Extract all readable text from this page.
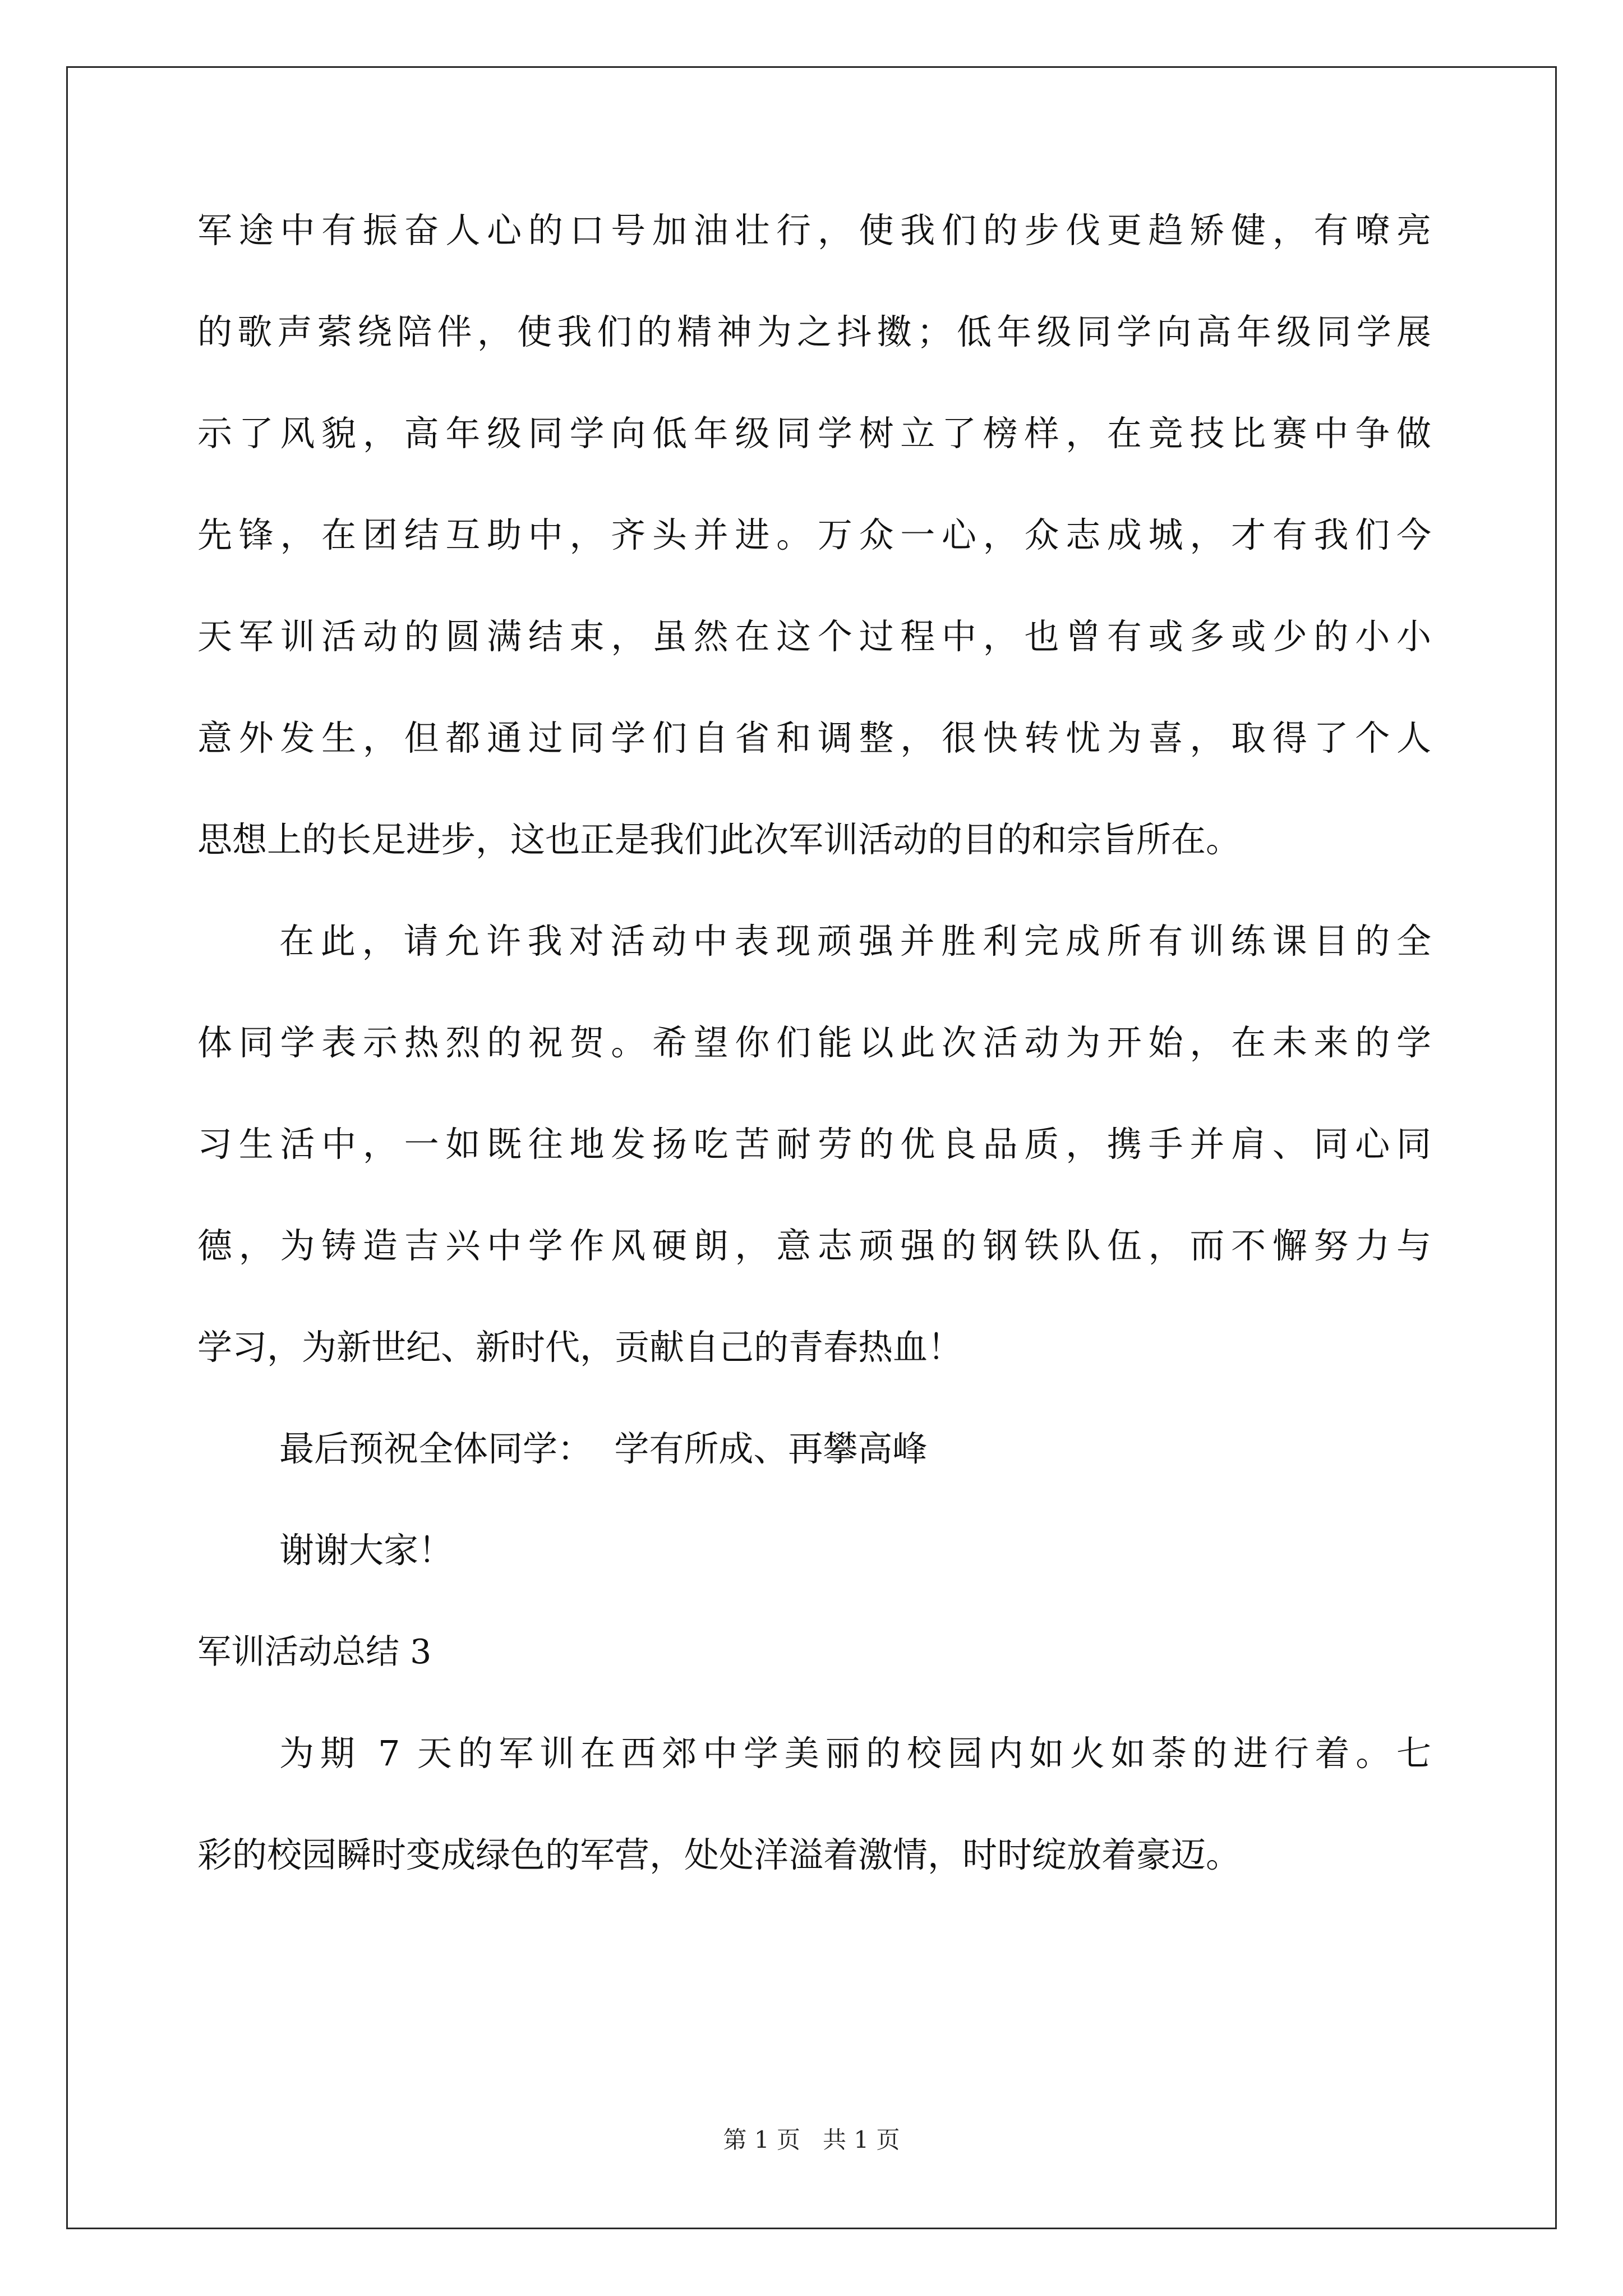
军途中有振奋人心的口号加油壮行，使我们的步伐更趋矫健，有嘹亮
的歌声萦绕陪伴，使我们的精神为之抖擞；低年级同学向高年级同学展
示了风貌，高年级同学向低年级同学树立了榜样，在竞技比赛中争做
先锋，在团结互助中，齐头并进。万众一心，众志成城，才有我们今
天军训活动的圆满结束，虽然在这个过程中，也曾有或多或少的小小
意外发生，但都通过同学们自省和调整，很快转忧为喜，取得了个人
思想上的长足进步，这也正是我们此次军训活动的目的和宗旨所在。
在此，请允许我对活动中表现顽强并胜利完成所有训练课目的全
体同学表示热烈的祝贺。希望你们能以此次活动为开始，在未来的学
习生活中，一如既往地发扬吃苦耐劳的优良品质，携手并肩、同心同
德，为铸造吉兴中学作风硬朗，意志顽强的钢铁队伍，而不懈努力与
学习，为新世纪、新时代，贡献自己的青春热血！
最后预祝全体同学：  学有所成、再攀高峰
谢谢大家！
军训活动总结 3
为期 7 天的军训在西郊中学美丽的校园内如火如荼的进行着。七
彩的校园瞬时变成绿色的军营，处处洋溢着激情，时时绽放着豪迈。
第 1 页   共 1 页
